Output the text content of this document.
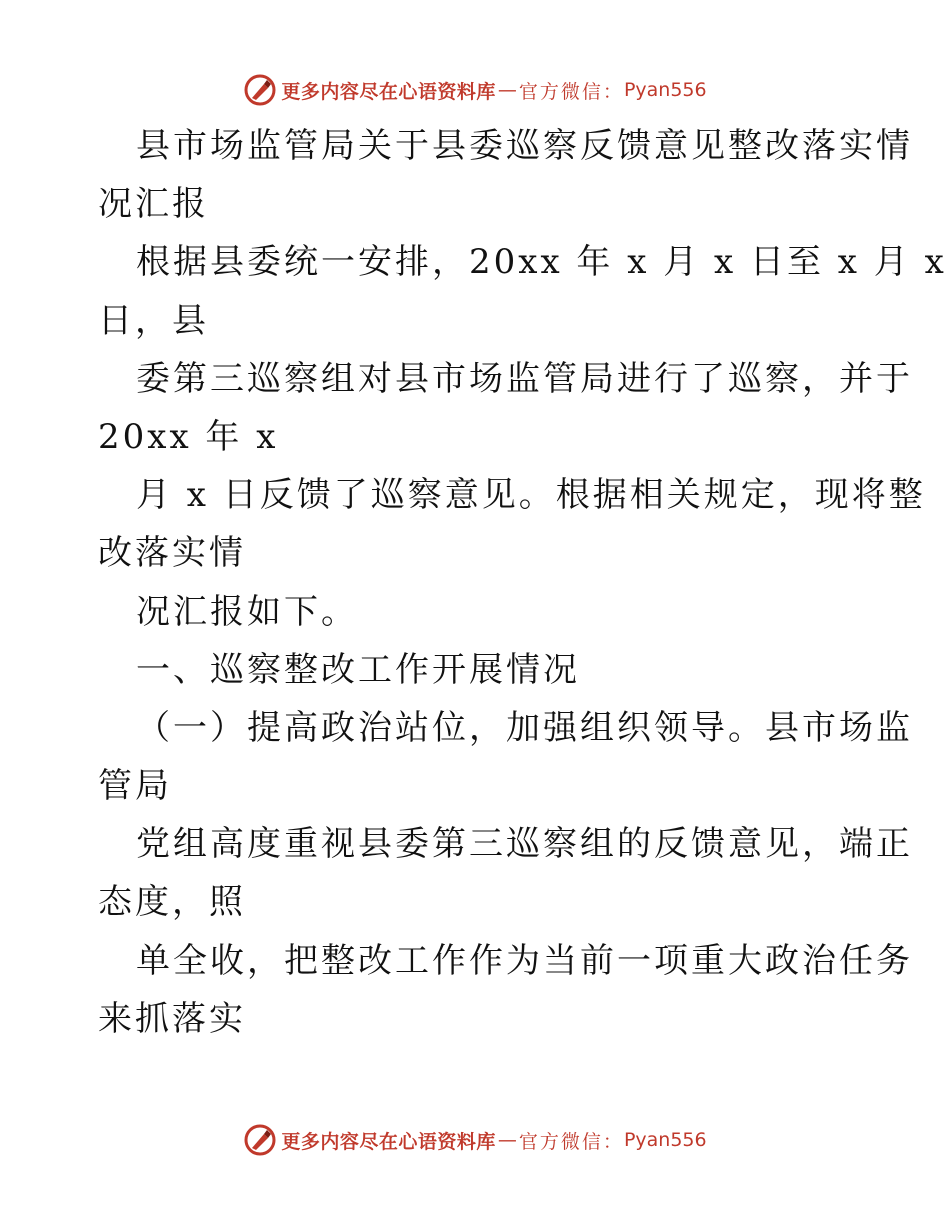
更多内容尽在心语资料库 — 官方微信： Pyan556
县市场监管局关于县委巡察反馈意见整改落实情
况汇报
根据县委统一安排，20xx 年 x 月 x 日至 x 月 x
日，县
委第三巡察组对县市场监管局进行了巡察，并于
20xx 年 x
月 x 日反馈了巡察意见。根据相关规定，现将整
改落实情
况汇报如下。
一、巡察整改工作开展情况
（一）提高政治站位，加强组织领导。县市场监
管局
党组高度重视县委第三巡察组的反馈意见，端正
态度，照
单全收，把整改工作作为当前一项重大政治任务
来抓落实
更多内容尽在心语资料库 — 官方微信： Pyan556
